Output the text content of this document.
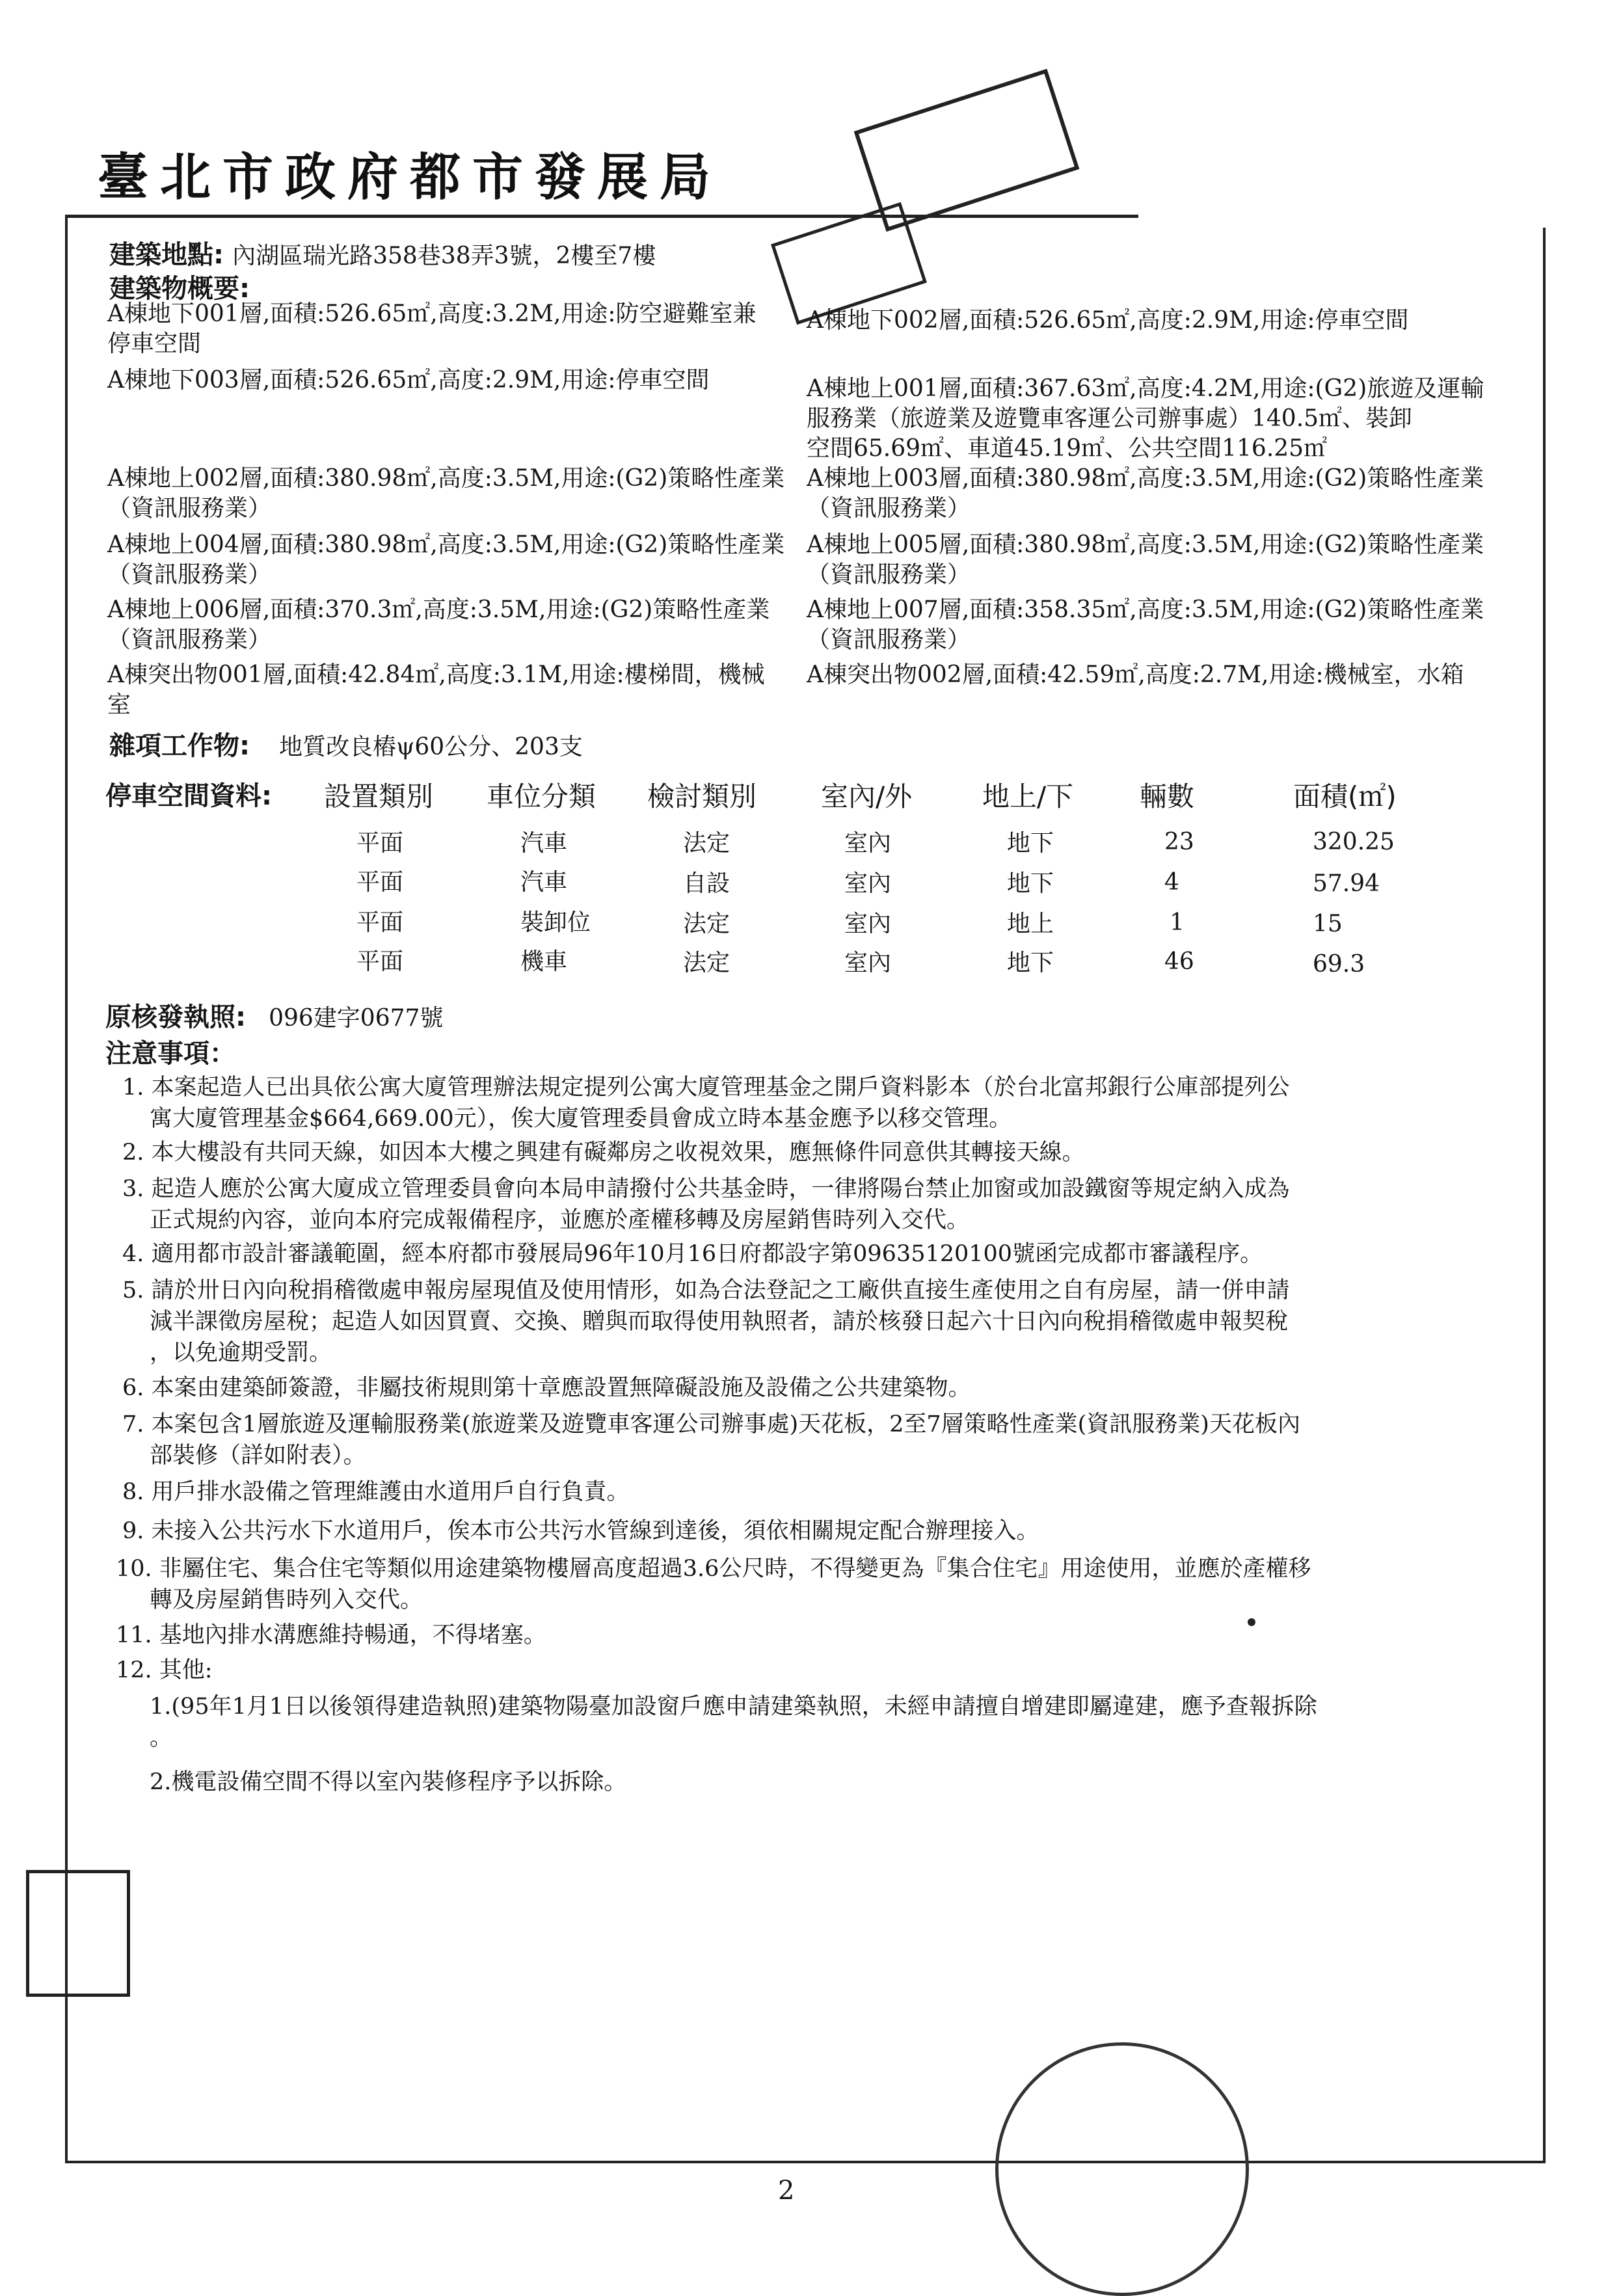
臺北市政府都市發展局
建築地點: 內湖區瑞光路358巷38弄3號，2樓至7樓
建築物概要:
A棟地下001層,面積:526.65㎡,高度:3.2M,用途:防空避難室兼
停車空間
A棟地下003層,面積:526.65㎡,高度:2.9M,用途:停車空間
A棟地上002層,面積:380.98㎡,高度:3.5M,用途:(G2)策略性產業
（資訊服務業）
A棟地上004層,面積:380.98㎡,高度:3.5M,用途:(G2)策略性產業
（資訊服務業）
A棟地上006層,面積:370.3㎡,高度:3.5M,用途:(G2)策略性產業
（資訊服務業）
A棟突出物001層,面積:42.84㎡,高度:3.1M,用途:樓梯間，機械
室
A棟地下002層,面積:526.65㎡,高度:2.9M,用途:停車空間
A棟地上001層,面積:367.63㎡,高度:4.2M,用途:(G2)旅遊及運輸
服務業（旅遊業及遊覽車客運公司辦事處）140.5㎡、裝卸
空間65.69㎡、車道45.19㎡、公共空間116.25㎡
A棟地上003層,面積:380.98㎡,高度:3.5M,用途:(G2)策略性產業
（資訊服務業）
A棟地上005層,面積:380.98㎡,高度:3.5M,用途:(G2)策略性產業
（資訊服務業）
A棟地上007層,面積:358.35㎡,高度:3.5M,用途:(G2)策略性產業
（資訊服務業）
A棟突出物002層,面積:42.59㎡,高度:2.7M,用途:機械室，水箱
雜項工作物: 地質改良樁ψ60公分、203支
停車空間資料: 設置類別 車位分類 檢討類別 室內/外	地上/下 輛數	面積(㎡)
平面	汽車	法定	室內	地下	23	320.25
平面	汽車	自設	室內	地下	4	57.94
平面	裝卸位	法定	室內	地上	1	15
平面	機車	法定	室內	地下	46	69.3
原核發執照: 096建字0677號
注意事項：
1. 本案起造人已出具依公寓大廈管理辦法規定提列公寓大廈管理基金之開戶資料影本（於台北富邦銀行公庫部提列公
寓大廈管理基金$664,669.00元），俟大廈管理委員會成立時本基金應予以移交管理。
2. 本大樓設有共同天線，如因本大樓之興建有礙鄰房之收視效果，應無條件同意供其轉接天線。
3. 起造人應於公寓大廈成立管理委員會向本局申請撥付公共基金時，一律將陽台禁止加窗或加設鐵窗等規定納入成為
正式規約內容，並向本府完成報備程序，並應於產權移轉及房屋銷售時列入交代。
4. 適用都市設計審議範圍，經本府都市發展局96年10月16日府都設字第09635120100號函完成都市審議程序。
5. 請於卅日內向稅捐稽徵處申報房屋現值及使用情形，如為合法登記之工廠供直接生產使用之自有房屋，請一併申請
減半課徵房屋稅；起造人如因買賣、交換、贈與而取得使用執照者，請於核發日起六十日內向稅捐稽徵處申報契稅
，以免逾期受罰。
6. 本案由建築師簽證，非屬技術規則第十章應設置無障礙設施及設備之公共建築物。
7. 本案包含1層旅遊及運輸服務業(旅遊業及遊覽車客運公司辦事處)天花板，2至7層策略性產業(資訊服務業)天花板內
部裝修（詳如附表）。
8. 用戶排水設備之管理維護由水道用戶自行負責。
9. 未接入公共污水下水道用戶，俟本市公共污水管線到達後，須依相關規定配合辦理接入。
10. 非屬住宅、集合住宅等類似用途建築物樓層高度超過3.6公尺時，不得變更為『集合住宅』用途使用，並應於產權移
轉及房屋銷售時列入交代。
11. 基地內排水溝應維持暢通，不得堵塞。
12. 其他:
1.(95年1月1日以後領得建造執照)建築物陽臺加設窗戶應申請建築執照，未經申請擅自增建即屬違建，應予查報拆除
。
2.機電設備空間不得以室內裝修程序予以拆除。
2
